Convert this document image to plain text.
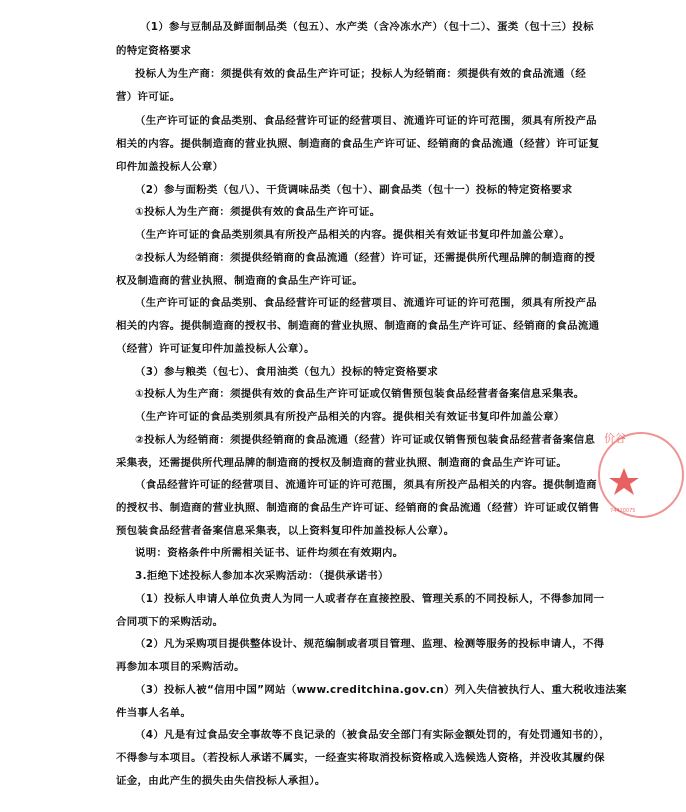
（1）参与豆制品及鲜面制品类（包五）、水产类（含冷冻水产）（包十二）、蛋类（包十三）投标
的特定资格要求
投标人为生产商：须提供有效的食品生产许可证；投标人为经销商：须提供有效的食品流通（经
营）许可证。
（生产许可证的食品类别、食品经营许可证的经营项目、流通许可证的许可范围，须具有所投产品
相关的内容。提供制造商的营业执照、制造商的食品生产许可证、经销商的食品流通（经营）许可证复
印件加盖投标人公章）
（2）参与面粉类（包八）、干货调味品类（包十）、副食品类（包十一）投标的特定资格要求
①投标人为生产商：须提供有效的食品生产许可证。
（生产许可证的食品类别须具有所投产品相关的内容。提供相关有效证书复印件加盖公章）。
②投标人为经销商：须提供经销商的食品流通（经营）许可证，还需提供所代理品牌的制造商的授
权及制造商的营业执照、制造商的食品生产许可证。
（生产许可证的食品类别、食品经营许可证的经营项目、流通许可证的许可范围，须具有所投产品
相关的内容。提供制造商的授权书、制造商的营业执照、制造商的食品生产许可证、经销商的食品流通
（经营）许可证复印件加盖投标人公章）。
（3）参与粮类（包七）、食用油类（包九）投标的特定资格要求
①投标人为生产商：须提供有效的食品生产许可证或仅销售预包装食品经营者备案信息采集表。
（生产许可证的食品类别须具有所投产品相关的内容。提供相关有效证书复印件加盖公章）
②投标人为经销商：须提供经销商的食品流通（经营）许可证或仅销售预包装食品经营者备案信息
采集表，还需提供所代理品牌的制造商的授权及制造商的营业执照、制造商的食品生产许可证。
（食品经营许可证的经营项目、流通许可证的许可范围，须具有所投产品相关的内容。提供制造商
的授权书、制造商的营业执照、制造商的食品生产许可证、经销商的食品流通（经营）许可证或仅销售
预包装食品经营者备案信息采集表，以上资料复印件加盖投标人公章）。
说明：资格条件中所需相关证书、证件均须在有效期内。
3.拒绝下述投标人参加本次采购活动：（提供承诺书）
（1）投标人申请人单位负责人为同一人或者存在直接控股、管理关系的不同投标人，不得参加同一
合同项下的采购活动。
（2）凡为采购项目提供整体设计、规范编制或者项目管理、监理、检测等服务的投标申请人，不得
再参加本项目的采购活动。
（3）投标人被“信用中国”网站（www.creditchina.gov.cn）列入失信被执行人、重大税收违法案
件当事人名单。
（4）凡是有过食品安全事故等不良记录的（被食品安全部门有实际金额处罚的，有处罚通知书的），
不得参与本项目。（若投标人承诺不属实，一经查实将取消投标资格或入选候选人资格，并没收其履约保
证金，由此产生的损失由失信投标人承担）。
价谷
74420075
